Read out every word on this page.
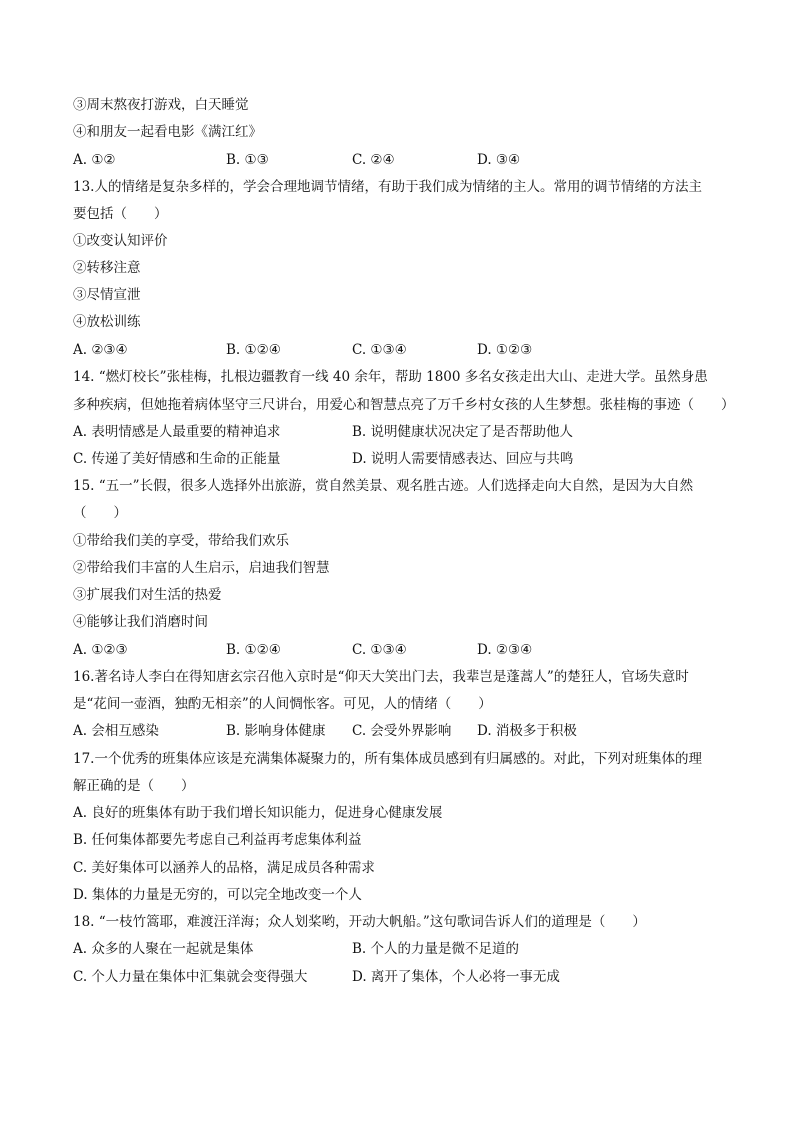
③周末熬夜打游戏，白天睡觉
④和朋友一起看电影《满江红》
A. ①②	B. ①③	C. ②④	D. ③④
13.人的情绪是复杂多样的，学会合理地调节情绪，有助于我们成为情绪的主人。常用的调节情绪的方法主
要包括（　　）
①改变认知评价
②转移注意
③尽情宣泄
④放松训练
A. ②③④	B. ①②④	C. ①③④	D. ①②③
14. “燃灯校长”张桂梅，扎根边疆教育一线 40 余年，帮助 1800 多名女孩走出大山、走进大学。虽然身患
多种疾病，但她拖着病体坚守三尺讲台，用爱心和智慧点亮了万千乡村女孩的人生梦想。张桂梅的事迹（　　）
A. 表明情感是人最重要的精神追求	B. 说明健康状况决定了是否帮助他人
C. 传递了美好情感和生命的正能量	D. 说明人需要情感表达、回应与共鸣
15. “五一”长假，很多人选择外出旅游，赏自然美景、观名胜古迹。人们选择走向大自然，是因为大自然
（　　）
①带给我们美的享受，带给我们欢乐
②带给我们丰富的人生启示，启迪我们智慧
③扩展我们对生活的热爱
④能够让我们消磨时间
A. ①②③	B. ①②④	C. ①③④	D. ②③④
16.著名诗人李白在得知唐玄宗召他入京时是“仰天大笑出门去，我辈岂是蓬蒿人”的楚狂人，官场失意时
是“花间一壶酒，独酌无相亲”的人间惆怅客。可见，人的情绪（　　）
A. 会相互感染	B. 影响身体健康 C. 会受外界影响 D. 消极多于积极
17.一个优秀的班集体应该是充满集体凝聚力的，所有集体成员感到有归属感的。对此，下列对班集体的理
解正确的是（　　）
A. 良好的班集体有助于我们增长知识能力，促进身心健康发展
B. 任何集体都要先考虑自己利益再考虑集体利益
C. 美好集体可以涵养人的品格，满足成员各种需求
D. 集体的力量是无穷的，可以完全地改变一个人
18. “一枝竹篙耶，难渡汪洋海；众人划桨哟，开动大帆船。”这句歌词告诉人们的道理是（　　）
A. 众多的人聚在一起就是集体	B. 个人的力量是微不足道的
C. 个人力量在集体中汇集就会变得强大	D. 离开了集体，个人必将一事无成
